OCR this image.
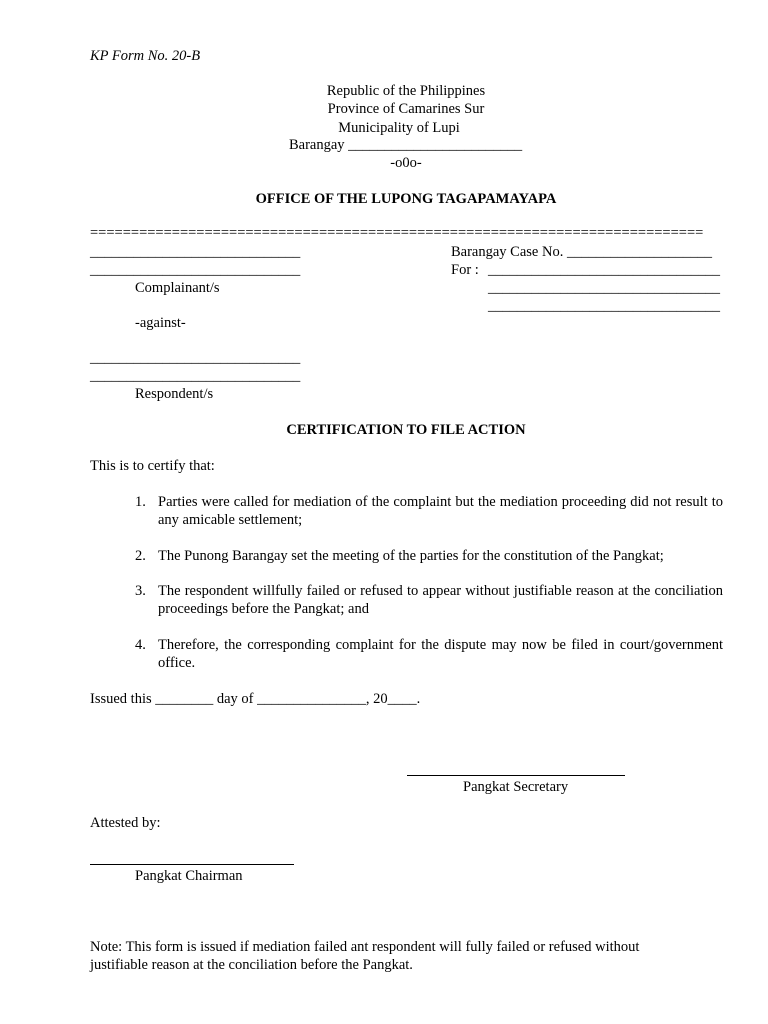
KP Form No. 20-B
Republic of the Philippines
Province of Camarines Sur
Municipality of Lupi
Barangay ________________________
-o0o-
OFFICE OF THE LUPONG TAGAPAMAYAPA
===========================================================================
_____________________________
_____________________________
Complainant/s
-against-
_____________________________
_____________________________
Respondent/s
Barangay Case No. ____________________
For : ________________________________
________________________________
________________________________
CERTIFICATION TO FILE ACTION
This is to certify that:
1. Parties were called for mediation of the complaint but the mediation proceeding did not result to any amicable settlement;
2. The Punong Barangay set the meeting of the parties for the constitution of the Pangkat;
3. The respondent willfully failed or refused to appear without justifiable reason at the conciliation proceedings before the Pangkat; and
4. Therefore, the corresponding complaint for the dispute may now be filed in court/government office.
Issued this ________ day of _______________, 20____.
Pangkat Secretary
Attested by:
Pangkat Chairman
Note: This form is issued if mediation failed ant respondent will fully failed or refused without justifiable reason at the conciliation before the Pangkat.
